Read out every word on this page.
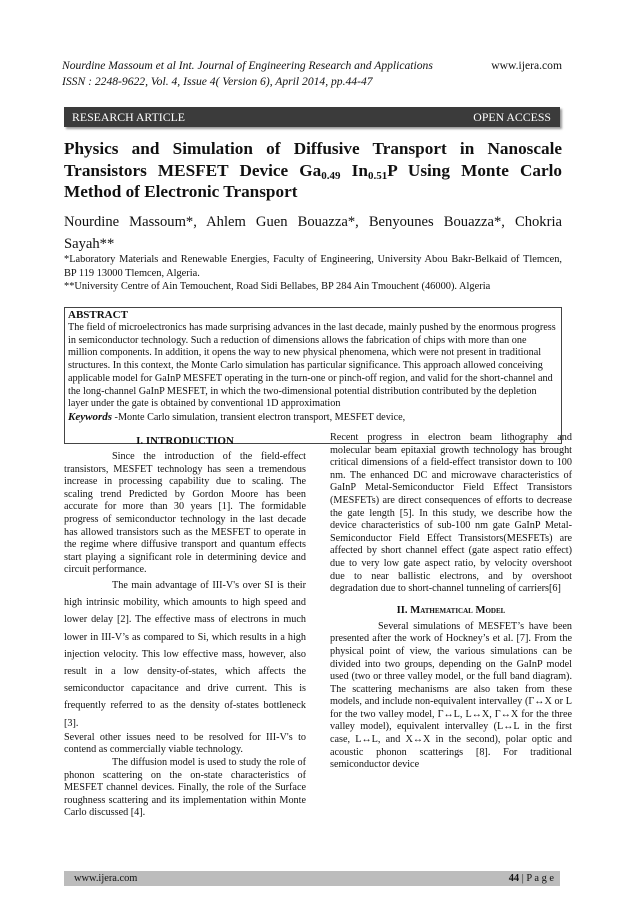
Nourdine Massoum et al Int. Journal of Engineering Research and Applications
ISSN : 2248-9622, Vol. 4, Issue 4( Version 6), April 2014, pp.44-47
www.ijera.com
RESEARCH ARTICLE	OPEN ACCESS
Physics and Simulation of Diffusive Transport in Nanoscale Transistors MESFET Device $Ga_{0.49}$ $In_{0.51}P$ Using Monte Carlo Method of Electronic Transport
Nourdine Massoum*, Ahlem Guen Bouazza*, Benyounes Bouazza*, Chokria Sayah**

*Laboratory Materials and Renewable Energies, Faculty of Engineering, University Abou Bakr-Belkaid of Tlemcen, BP 119 13000 Tlemcen, Algeria.

**University Centre of Ain Temouchent, Road Sidi Bellabes, BP 284 Ain Tmouchent (46000). Algeria

ABSTRACT
The field of microelectronics has made surprising advances in the last decade, mainly pushed by the enormous progress in semiconductor technology. Such a reduction of dimensions allows the fabrication of chips with more than one million components. In addition, it opens the way to new physical phenomena, which were not present in traditional structures. In this context, the Monte Carlo simulation has particular significance. This approach allowed conceiving applicable model for GaInP MESFET operating in the turn-one or pinch-off region, and valid for the short-channel and the long-channel GaInP MESFET, in which the two-dimensional potential distribution contributed by the depletion layer under the gate is obtained by conventional 1D approximation
Keywords -Monte Carlo simulation, transient electron transport, MESFET device,
I. INTRODUCTION

Since the introduction of the field-effect transistors, MESFET technology has seen a tremendous increase in processing capability due to scaling. The scaling trend Predicted by Gordon Moore has been accurate for more than 30 years [1]. The formidable progress of semiconductor technology in the last decade has allowed transistors such as the MESFET to operate in the regime where diffusive transport and quantum effects start playing a significant role in determining device and circuit performance.

The main advantage of III-V's over SI is their high intrinsic mobility, which amounts to high speed and lower delay [2]. The effective mass of electrons in much lower in III-V’s as compared to Si, which results in a high injection velocity. This low effective mass, however, also result in a low density-of-states, which affects the semiconductor capacitance and drive current. This is frequently referred to as the density of-states bottleneck [3].

Several other issues need to be resolved for III-V's to contend as commercially viable technology.

The diffusion model is used to study the role of phonon scattering on the on-state characteristics of MESFET channel devices. Finally, the role of the Surface roughness scattering and its implementation within Monte Carlo discussed [4].

Recent progress in electron beam lithography and molecular beam epitaxial growth technology has brought critical dimensions of a field-effect transistor down to 100 nm. The enhanced DC and microwave characteristics of GaInP Metal-Semiconductor Field Effect Transistors (MESFETs) are direct consequences of efforts to decrease the gate length [5]. In this study, we describe how the device characteristics of sub-100 nm gate GaInP Metal-Semiconductor Field Effect Transistors(MESFETs) are affected by short channel effect (gate aspect ratio effect) due to very low gate aspect ratio, by velocity overshoot due to near ballistic electrons, and by overshoot degradation due to short-channel tunneling of carriers[6]

II. Mathematical Model

Several simulations of MESFET’s have been presented after the work of Hockney’s et al. [7]. From the physical point of view, the various simulations can be divided into two groups, depending on the GaInP model used (two or three valley model, or the full band diagram). The scattering mechanisms are also taken from these models, and include non-equivalent intervalley (Γ↔X or L for the two valley model, Γ↔L, L↔X, Γ↔X for the three valley model), equivalent intervalley (L↔L in the first case, L↔L, and X↔X in the second), polar optic and acoustic phonon scatterings [8]. For traditional semiconductor device

www.ijera.com	44 | P a g e
